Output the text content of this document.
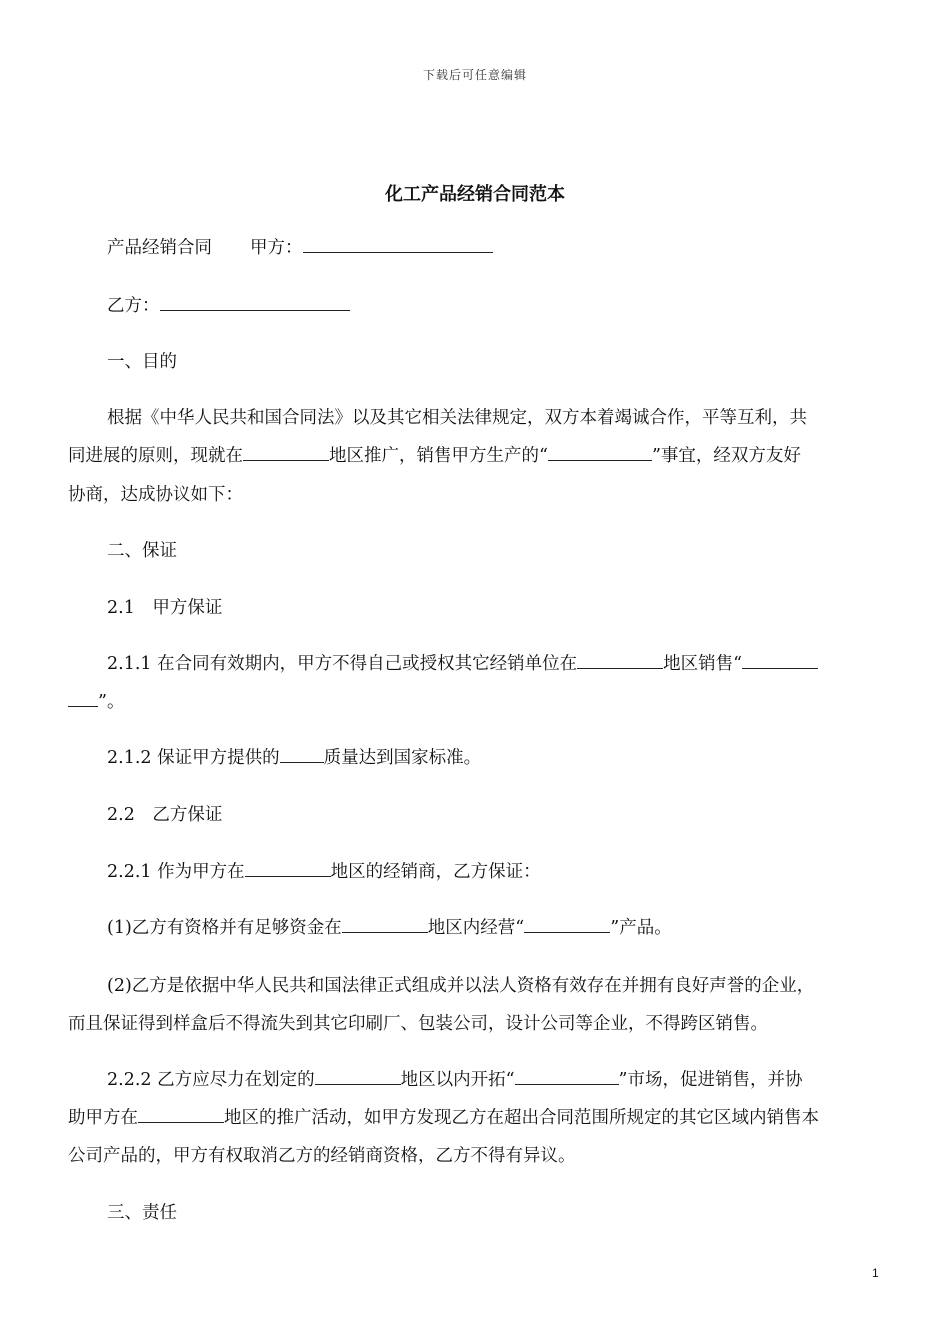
下载后可任意编辑
化工产品经销合同范本
产品经销合同 甲方：
乙方：
一、目的
根据《中华人民共和国合同法》以及其它相关法律规定，双方本着竭诚合作，平等互利，共
同进展的原则，现就在	地区推广，销售甲方生产的“	”事宜，经双方友好
协商，达成协议如下：
二、保证
2.1　甲方保证
2.1.1 在合同有效期内，甲方不得自己或授权其它经销单位在	地区销售“
”。
2.1.2 保证甲方提供的	质量达到国家标准。
2.2　乙方保证
2.2.1 作为甲方在	地区的经销商，乙方保证：
(1)乙方有资格并有足够资金在	地区内经营“	”产品。
(2)乙方是依据中华人民共和国法律正式组成并以法人资格有效存在并拥有良好声誉的企业，
而且保证得到样盒后不得流失到其它印刷厂、包装公司，设计公司等企业，不得跨区销售。
2.2.2 乙方应尽力在划定的	地区以内开拓“	”市场，促进销售，并协
助甲方在	地区的推广活动，如甲方发现乙方在超出合同范围所规定的其它区域内销售本
公司产品的，甲方有权取消乙方的经销商资格，乙方不得有异议。
三、责任
1
